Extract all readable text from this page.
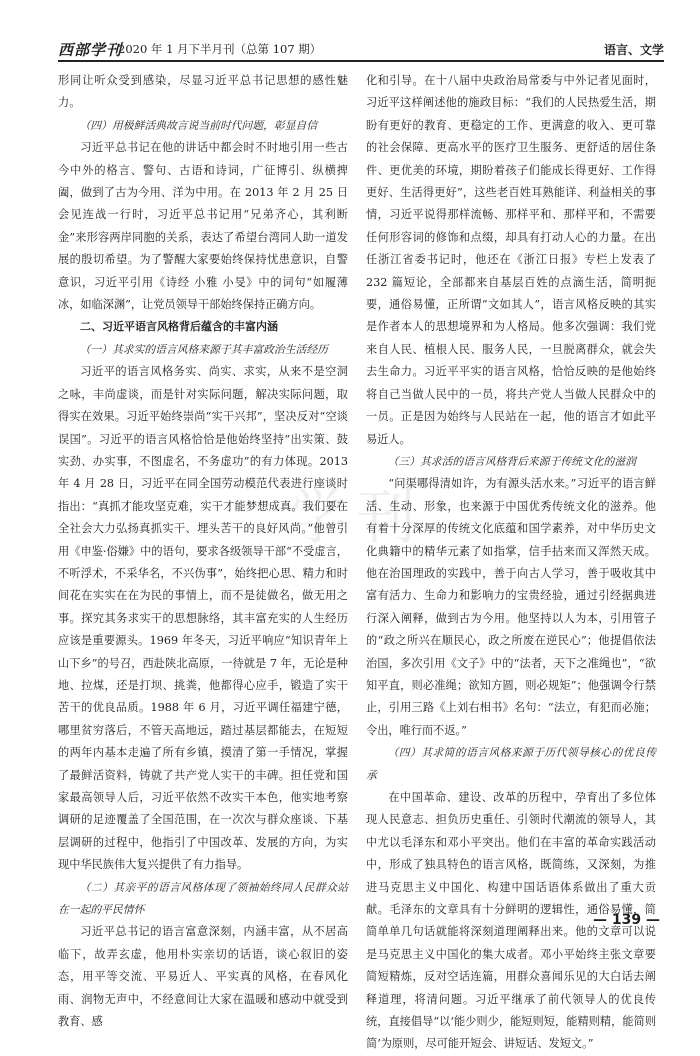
西部学刊
2020 年 1 月下半月刊（总第 107 期）	语言、文学

形同让听众受到感染，尽显习近平总书记思想的感性魅力。

（四）用极鲜活典故言说当前时代问题，彰显自信

习近平总书记在他的讲话中都会时不时地引用一些古今中外的格言、警句、古语和诗词，广征博引、纵横捭阖，做到了古为今用、洋为中用。在 2013 年 2 月 25 日会见连战一行时，习近平总书记用“兄弟齐心，其利断金”来形容两岸同胞的关系，表达了希望台湾同人助一道发展的殷切希望。为了警醒大家要始终保持忧患意识，自警意识，习近平引用《诗经 小雅 小旻》中的词句“如履薄冰，如临深渊”，让党员领导干部始终保持正确方向。

二、习近平语言风格背后蕴含的丰富内涵

（一）其求实的语言风格来源于其丰富政治生活经历

习近平的语言风格务实、尚实、求实，从来不是空洞之咏，丰尚虚谈，而是针对实际问题，解决实际问题，取得实在效果。习近平始终崇尚“实干兴邦”，坚决反对“空谈误国”。习近平的语言风格恰恰是他始终坚持“出实策、鼓实劲、办实事，不图虚名，不务虚功”的有力体现。2013 年 4 月 28 日，习近平在同全国劳动模范代表进行座谈时指出：“真抓才能攻坚克难，实干才能梦想成真。我们要在全社会大力弘扬真抓实干、埋头苦干的良好风尚。”他曾引用《申鉴·俗嫌》中的语句，要求各级领导干部“不受虚言，不听浮术，不采华名，不兴伪事”，始终把心思、精力和时间花在实实在在为民的事情上，而不是徒做名，做无用之事。探究其务求实干的思想脉络，其丰富充实的人生经历应该是重要源头。1969 年冬天，习近平响应“知识青年上山下乡”的号召，西赴陕北高原，一待就是 7 年，无论是种地、拉煤，还是打坝、挑粪，他都得心应手，锻造了实干苦干的优良品质。1988 年 6 月，习近平调任福建宁德，哪里贫穷落后，不管天高地远，踏过基层都能去，在短短的两年内基本走遍了所有乡镇，摸清了第一手情况，掌握了最鲜活资料，铸就了共产党人实干的丰碑。担任党和国家最高领导人后，习近平依然不改实干本色，他实地考察调研的足迹覆盖了全国范围，在一次次与群众座谈、下基层调研的过程中，他指引了中国改革、发展的方向，为实现中华民族伟大复兴提供了有力指导。

（二）其亲平的语言风格体现了领袖始终同人民群众站在一起的平民情怀

习近平总书记的语言富意深刻，内涵丰富，从不居高临下，故弄玄虚，他用朴实亲切的话语，谈心叙旧的姿态，用平等交流、平易近人、平实真的风格，在春风化雨、润物无声中，不经意间让大家在温暖和感动中就受到教育、感

化和引导。在十八届中央政治局常委与中外记者见面时，习近平这样阐述他的施政目标：“我们的人民热爱生活，期盼有更好的教育、更稳定的工作、更满意的收入、更可靠的社会保障、更高水平的医疗卫生服务、更舒适的居住条件、更优美的环境，期盼着孩子们能成长得更好、工作得更好、生活得更好”，这些老百姓耳熟能详、利益相关的事情，习近平说得那样流畅、那样平和、那样平和，不需要任何形容词的修饰和点缀，却具有打动人心的力量。在出任浙江省委书记时，他还在《浙江日报》专栏上发表了 232 篇短论，全部都来自基层百姓的点滴生活，简明扼要，通俗易懂，正所谓“文如其人”，语言风格反映的其实是作者本人的思想境界和为人格局。他多次强调：我们党来自人民、植根人民、服务人民，一旦脱离群众，就会失去生命力。习近平平实的语言风格，恰恰反映的是他始终将自己当做人民中的一员，将共产党人当做人民群众中的一员。正是因为始终与人民站在一起，他的语言才如此平易近人。

（三）其求活的语言风格背后来源于传统文化的滋润

“问渠哪得清如许，为有源头活水来。”习近平的语言鲜活、生动、形象，也来源于中国优秀传统文化的滋养。他有着十分深厚的传统文化底蕴和国学素养，对中华历史文化典籍中的精华元素了如指掌，信手拈来而又浑然天成。他在治国理政的实践中，善于向古人学习，善于吸收其中富有活力、生命力和影响力的宝贵经验，通过引经据典进行深入阐释，做到古为今用。他坚持以人为本，引用管子的“政之所兴在顺民心，政之所废在逆民心”；他提倡依法治国，多次引用《文子》中的“法者，天下之准绳也”，“欲知平直，则必准绳；欲知方圆，则必规矩”；他强调令行禁止，引用三路《上刘右相书》名句：“法立，有犯而必施；令出，唯行而不返。”

（四）其求简的语言风格来源于历代领导核心的优良传承

在中国革命、建设、改革的历程中，孕育出了多位体现人民意志、担负历史重任、引领时代潮流的领导人，其中尤以毛泽东和邓小平突出。他们在丰富的革命实践活动中，形成了独具特色的语言风格，既简练，又深刻，为推进马克思主义中国化、构建中国话语体系做出了重大贡献。毛泽东的文章具有十分鲜明的逻辑性，通俗易懂，简简单单几句话就能将深刻道理阐释出来。他的文章可以说是马克思主义中国化的集大成者。邓小平始终主张文章要简短精炼，反对空话连篇，用群众喜闻乐见的大白话去阐释道理，将清问题。习近平继承了前代领导人的优良传统，直接倡导“以‘能少则少，能短则短，能精则精，能简则简’为原则，尽可能开短会、讲短话、发短文。”

学刊
— 139 —
